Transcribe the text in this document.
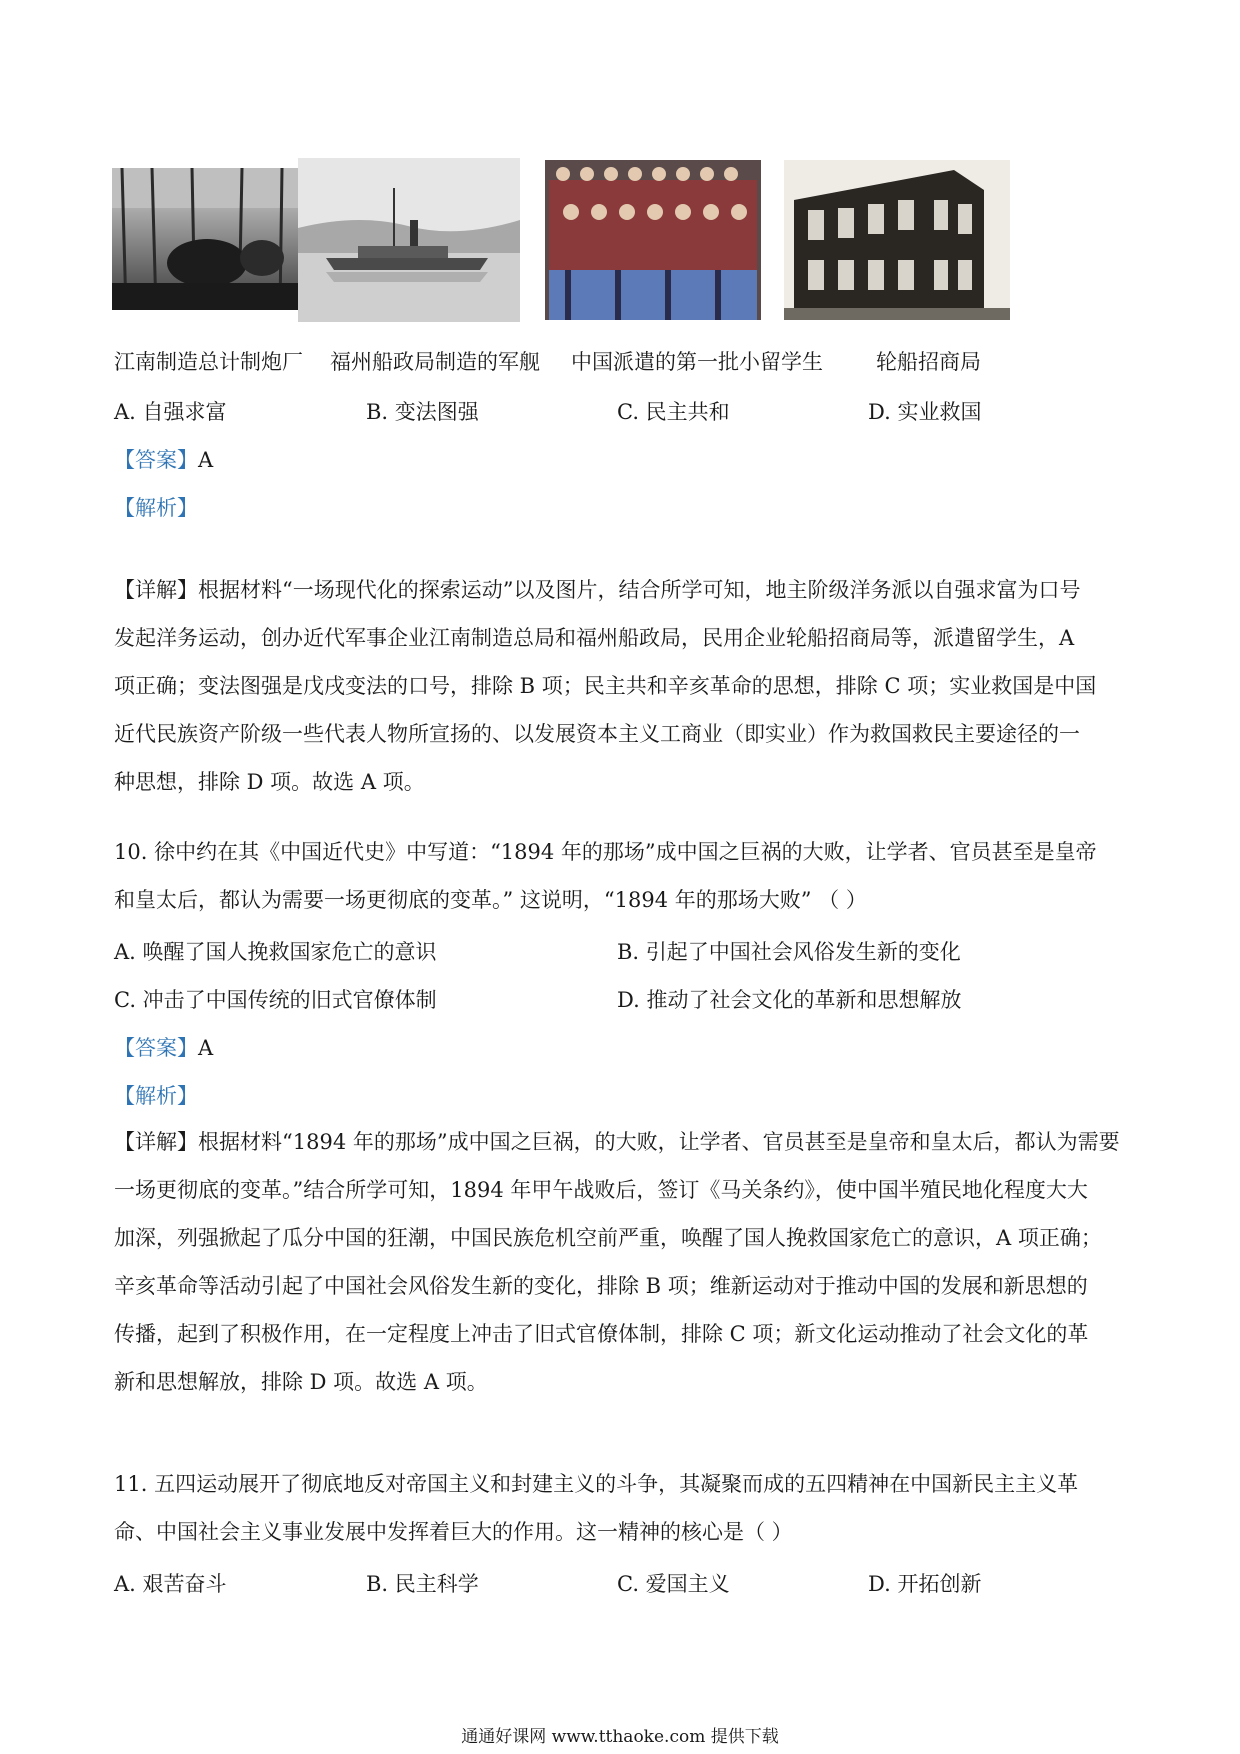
江南制造总计制炮厂 福州船政局制造的军舰 中国派遣的第一批小留学生	轮船招商局
A. 自强求富	B. 变法图强	C. 民主共和	D. 实业救国
【答案】A
【解析】

【详解】根据材料“一场现代化的探索运动”以及图片，结合所学可知，地主阶级洋务派以自强求富为口号

发起洋务运动，创办近代军事企业江南制造总局和福州船政局，民用企业轮船招商局等，派遣留学生，A

项正确；变法图强是戊戌变法的口号，排除 B 项；民主共和辛亥革命的思想，排除 C 项；实业救国是中国

近代民族资产阶级一些代表人物所宣扬的、以发展资本主义工商业（即实业）作为救国救民主要途径的一

种思想，排除 D 项。故选 A 项。

10. 徐中约在其《中国近代史》中写道：“1894 年的那场”成中国之巨祸的大败，让学者、官员甚至是皇帝

和皇太后，都认为需要一场更彻底的变革。” 这说明，“1894 年的那场大败” （ ）

A. 唤醒了国人挽救国家危亡的意识	B. 引起了中国社会风俗发生新的变化
C. 冲击了中国传统的旧式官僚体制	D. 推动了社会文化的革新和思想解放
【答案】A
【解析】

【详解】根据材料“1894 年的那场”成中国之巨祸，的大败，让学者、官员甚至是皇帝和皇太后，都认为需要

一场更彻底的变革。”结合所学可知，1894 年甲午战败后，签订《马关条约》，使中国半殖民地化程度大大

加深，列强掀起了瓜分中国的狂潮，中国民族危机空前严重，唤醒了国人挽救国家危亡的意识，A 项正确；

辛亥革命等活动引起了中国社会风俗发生新的变化，排除 B 项；维新运动对于推动中国的发展和新思想的

传播，起到了积极作用，在一定程度上冲击了旧式官僚体制，排除 C 项；新文化运动推动了社会文化的革

新和思想解放，排除 D 项。故选 A 项。

11. 五四运动展开了彻底地反对帝国主义和封建主义的斗争，其凝聚而成的五四精神在中国新民主主义革

命、中国社会主义事业发展中发挥着巨大的作用。这一精神的核心是（ ）

A. 艰苦奋斗	B. 民主科学	C. 爱国主义	D. 开拓创新
通通好课网 www.tthaoke.com 提供下载
